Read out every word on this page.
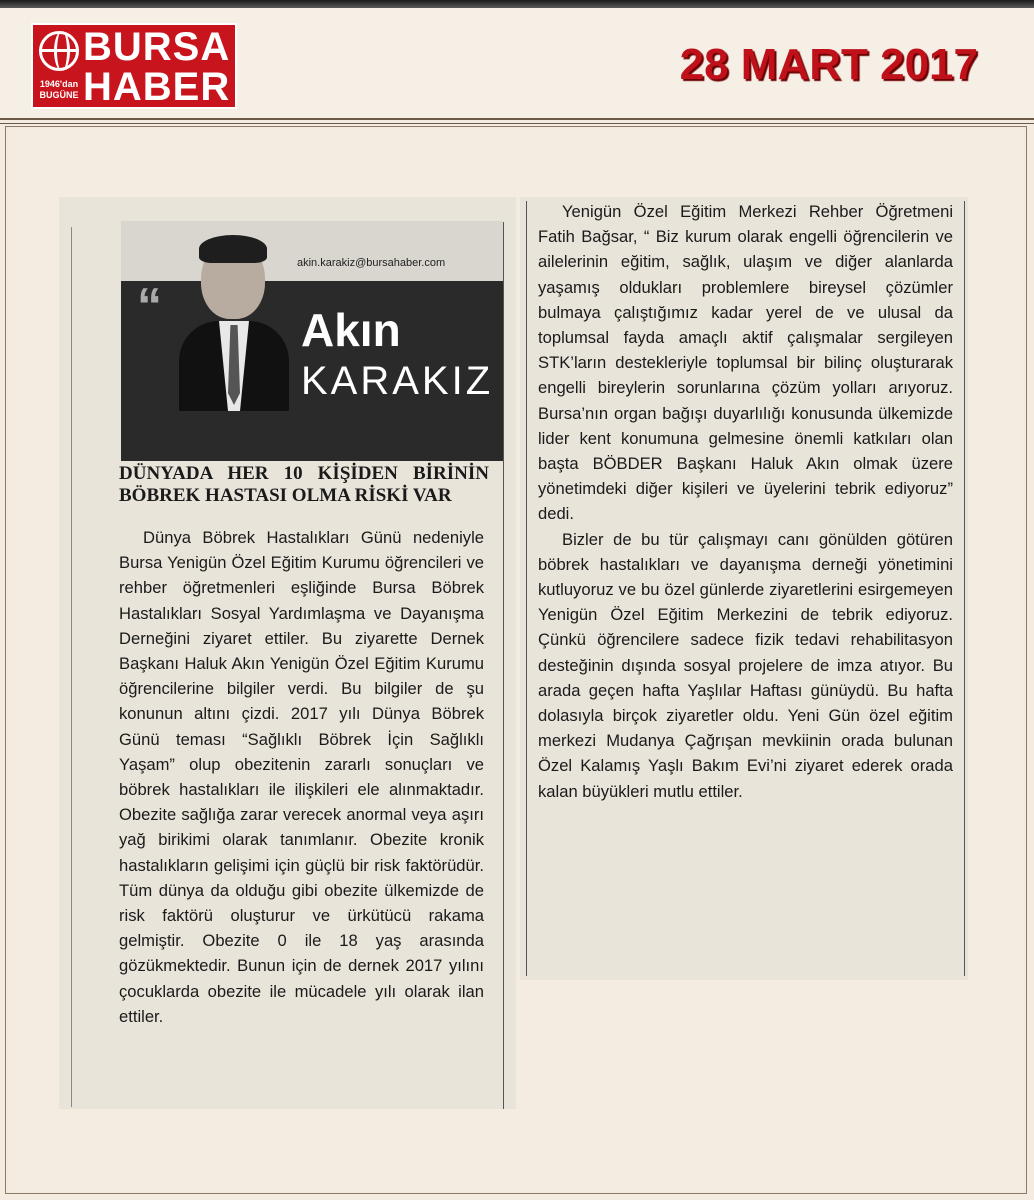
BURSA
HABER
1946'dan
BUGÜNE
28 MART 2017
akin.karakiz@bursahaber.com
“	Akın
KARAKIZ
DÜNYADA HER 10 KİŞİDEN BİRİNİN BÖBREK HASTASI OLMA RİSKİ VAR

Dünya Böbrek Hastalıkları Günü nedeniyle Bursa Yenigün Özel Eğitim Kurumu öğrencileri ve rehber öğretmenleri eşliğinde Bursa Böbrek Hastalıkları Sosyal Yardımlaşma ve Dayanışma Derneğini ziyaret ettiler. Bu ziyarette Dernek Başkanı Haluk Akın Yenigün Özel Eğitim Kurumu öğrencilerine bilgiler verdi. Bu bilgiler de şu konunun altını çizdi. 2017 yılı Dünya Böbrek Günü teması “Sağlıklı Böbrek İçin Sağlıklı Yaşam” olup obezitenin zararlı sonuçları ve böbrek hastalıkları ile ilişkileri ele alınmaktadır. Obezite sağlığa zarar verecek anormal veya aşırı yağ birikimi olarak tanımlanır. Obezite kronik hastalıkların gelişimi için güçlü bir risk faktörüdür. Tüm dünya da olduğu gibi obezite ülkemizde de risk faktörü oluşturur ve ürkütücü rakama gelmiştir. Obezite 0 ile 18 yaş arasında gözükmektedir. Bunun için de dernek 2017 yılını çocuklarda obezite ile mücadele yılı olarak ilan ettiler.

Yenigün Özel Eğitim Merkezi Rehber Öğretmeni Fatih Bağsar, “ Biz kurum olarak engelli öğrencilerin ve ailelerinin eğitim, sağlık, ulaşım ve diğer alanlarda yaşamış oldukları problemlere bireysel çözümler bulmaya çalıştığımız kadar yerel de ve ulusal da toplumsal fayda amaçlı aktif çalışmalar sergileyen STK’ların destekleriyle toplumsal bir bilinç oluşturarak engelli bireylerin sorunlarına çözüm yolları arıyoruz. Bursa’nın organ bağışı duyarlılığı konusunda ülkemizde lider kent konumuna gelmesine önemli katkıları olan başta BÖBDER Başkanı Haluk Akın olmak üzere yönetimdeki diğer kişileri ve üyelerini tebrik ediyoruz” dedi.

Bizler de bu tür çalışmayı canı gönülden götüren böbrek hastalıkları ve dayanışma derneği yönetimini kutluyoruz ve bu özel günlerde ziyaretlerini esirgemeyen Yenigün Özel Eğitim Merkezini de tebrik ediyoruz. Çünkü öğrencilere sadece fizik tedavi rehabilitasyon desteğinin dışında sosyal projelere de imza atıyor. Bu arada geçen hafta Yaşlılar Haftası günüydü. Bu hafta dolasıyla birçok ziyaretler oldu. Yeni Gün özel eğitim merkezi Mudanya Çağrışan mevkiinin orada bulunan Özel Kalamış Yaşlı Bakım Evi’ni ziyaret ederek orada kalan büyükleri mutlu ettiler.
